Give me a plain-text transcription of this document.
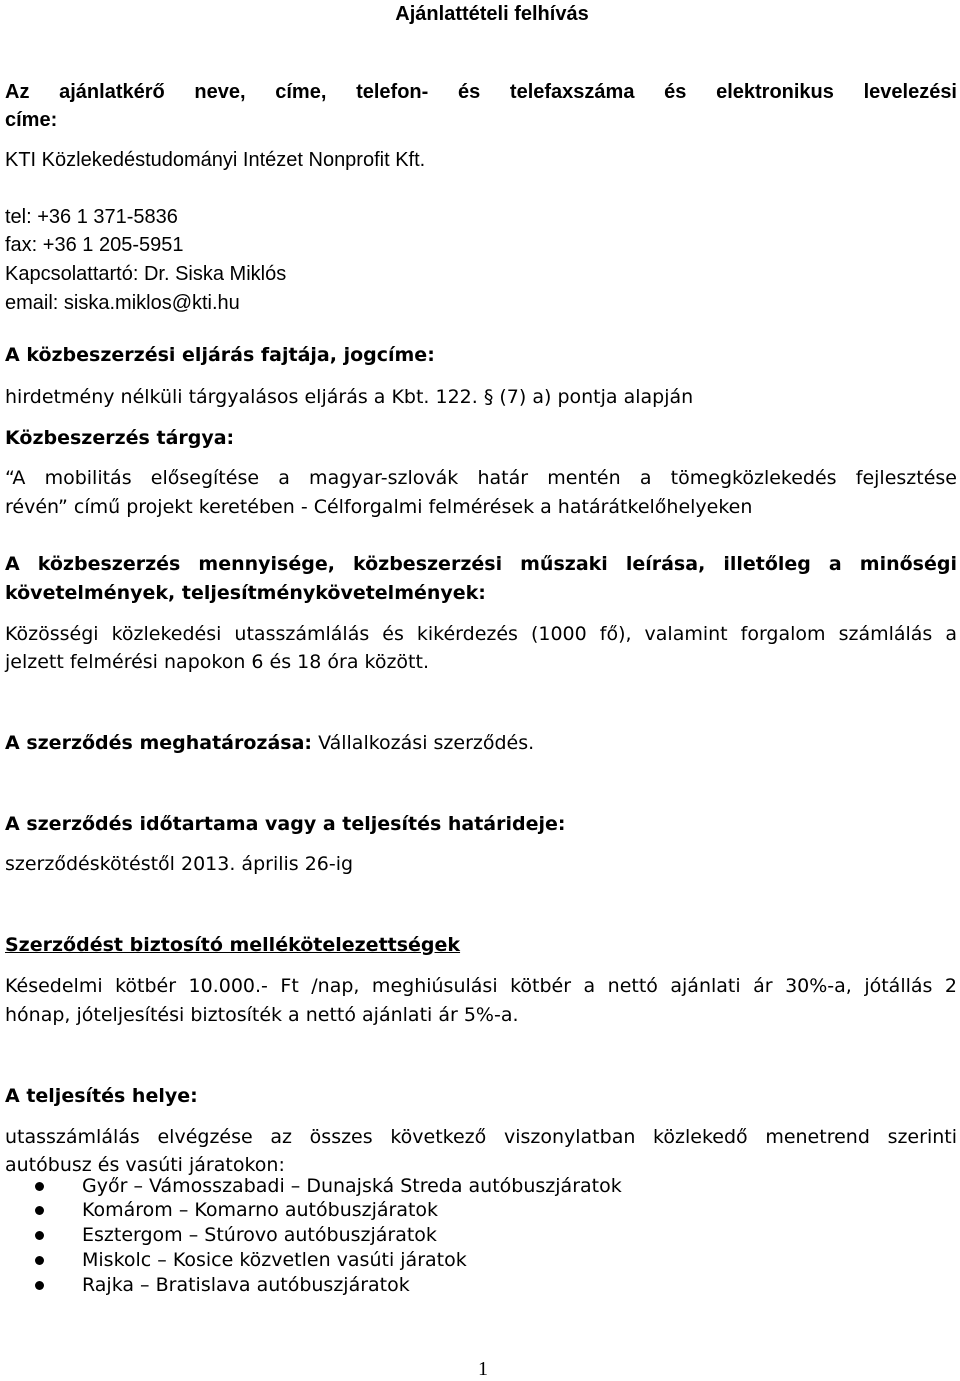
Ajánlattételi felhívás
Az ajánlatkérő neve, címe, telefon- és telefaxszáma és elektronikus levelezési
címe:
KTI Közlekedéstudományi Intézet Nonprofit Kft.
tel: +36 1 371-5836
fax: +36 1 205-5951
Kapcsolattartó: Dr. Siska Miklós
email: siska.miklos@kti.hu
A közbeszerzési eljárás fajtája, jogcíme:
hirdetmény nélküli tárgyalásos eljárás a Kbt. 122. § (7) a) pontja alapján
Közbeszerzés tárgya:
“A mobilitás elősegítése a magyar-szlovák határ mentén a tömegközlekedés fejlesztése
révén” című projekt keretében - Célforgalmi felmérések a határátkelőhelyeken
A közbeszerzés mennyisége, közbeszerzési műszaki leírása, illetőleg a minőségi
követelmények, teljesítménykövetelmények:
Közösségi közlekedési utasszámlálás és kikérdezés (1000 fő), valamint forgalom számlálás a
jelzett felmérési napokon 6 és 18 óra között.
A szerződés meghatározása: Vállalkozási szerződés.
A szerződés időtartama vagy a teljesítés határideje:
szerződéskötéstől 2013. április 26-ig
Szerződést biztosító mellékötelezettségek
Késedelmi kötbér 10.000.- Ft /nap, meghiúsulási kötbér a nettó ajánlati ár 30%-a, jótállás 2
hónap, jóteljesítési biztosíték a nettó ajánlati ár 5%-a.
A teljesítés helye:
utasszámlálás elvégzése az összes következő viszonylatban közlekedő menetrend szerinti
autóbusz és vasúti járatokon:
Győr – Vámosszabadi – Dunajská Streda autóbuszjáratok
Komárom – Komarno autóbuszjáratok
Esztergom – Stúrovo autóbuszjáratok
Miskolc – Kosice közvetlen vasúti járatok
Rajka – Bratislava autóbuszjáratok
1
